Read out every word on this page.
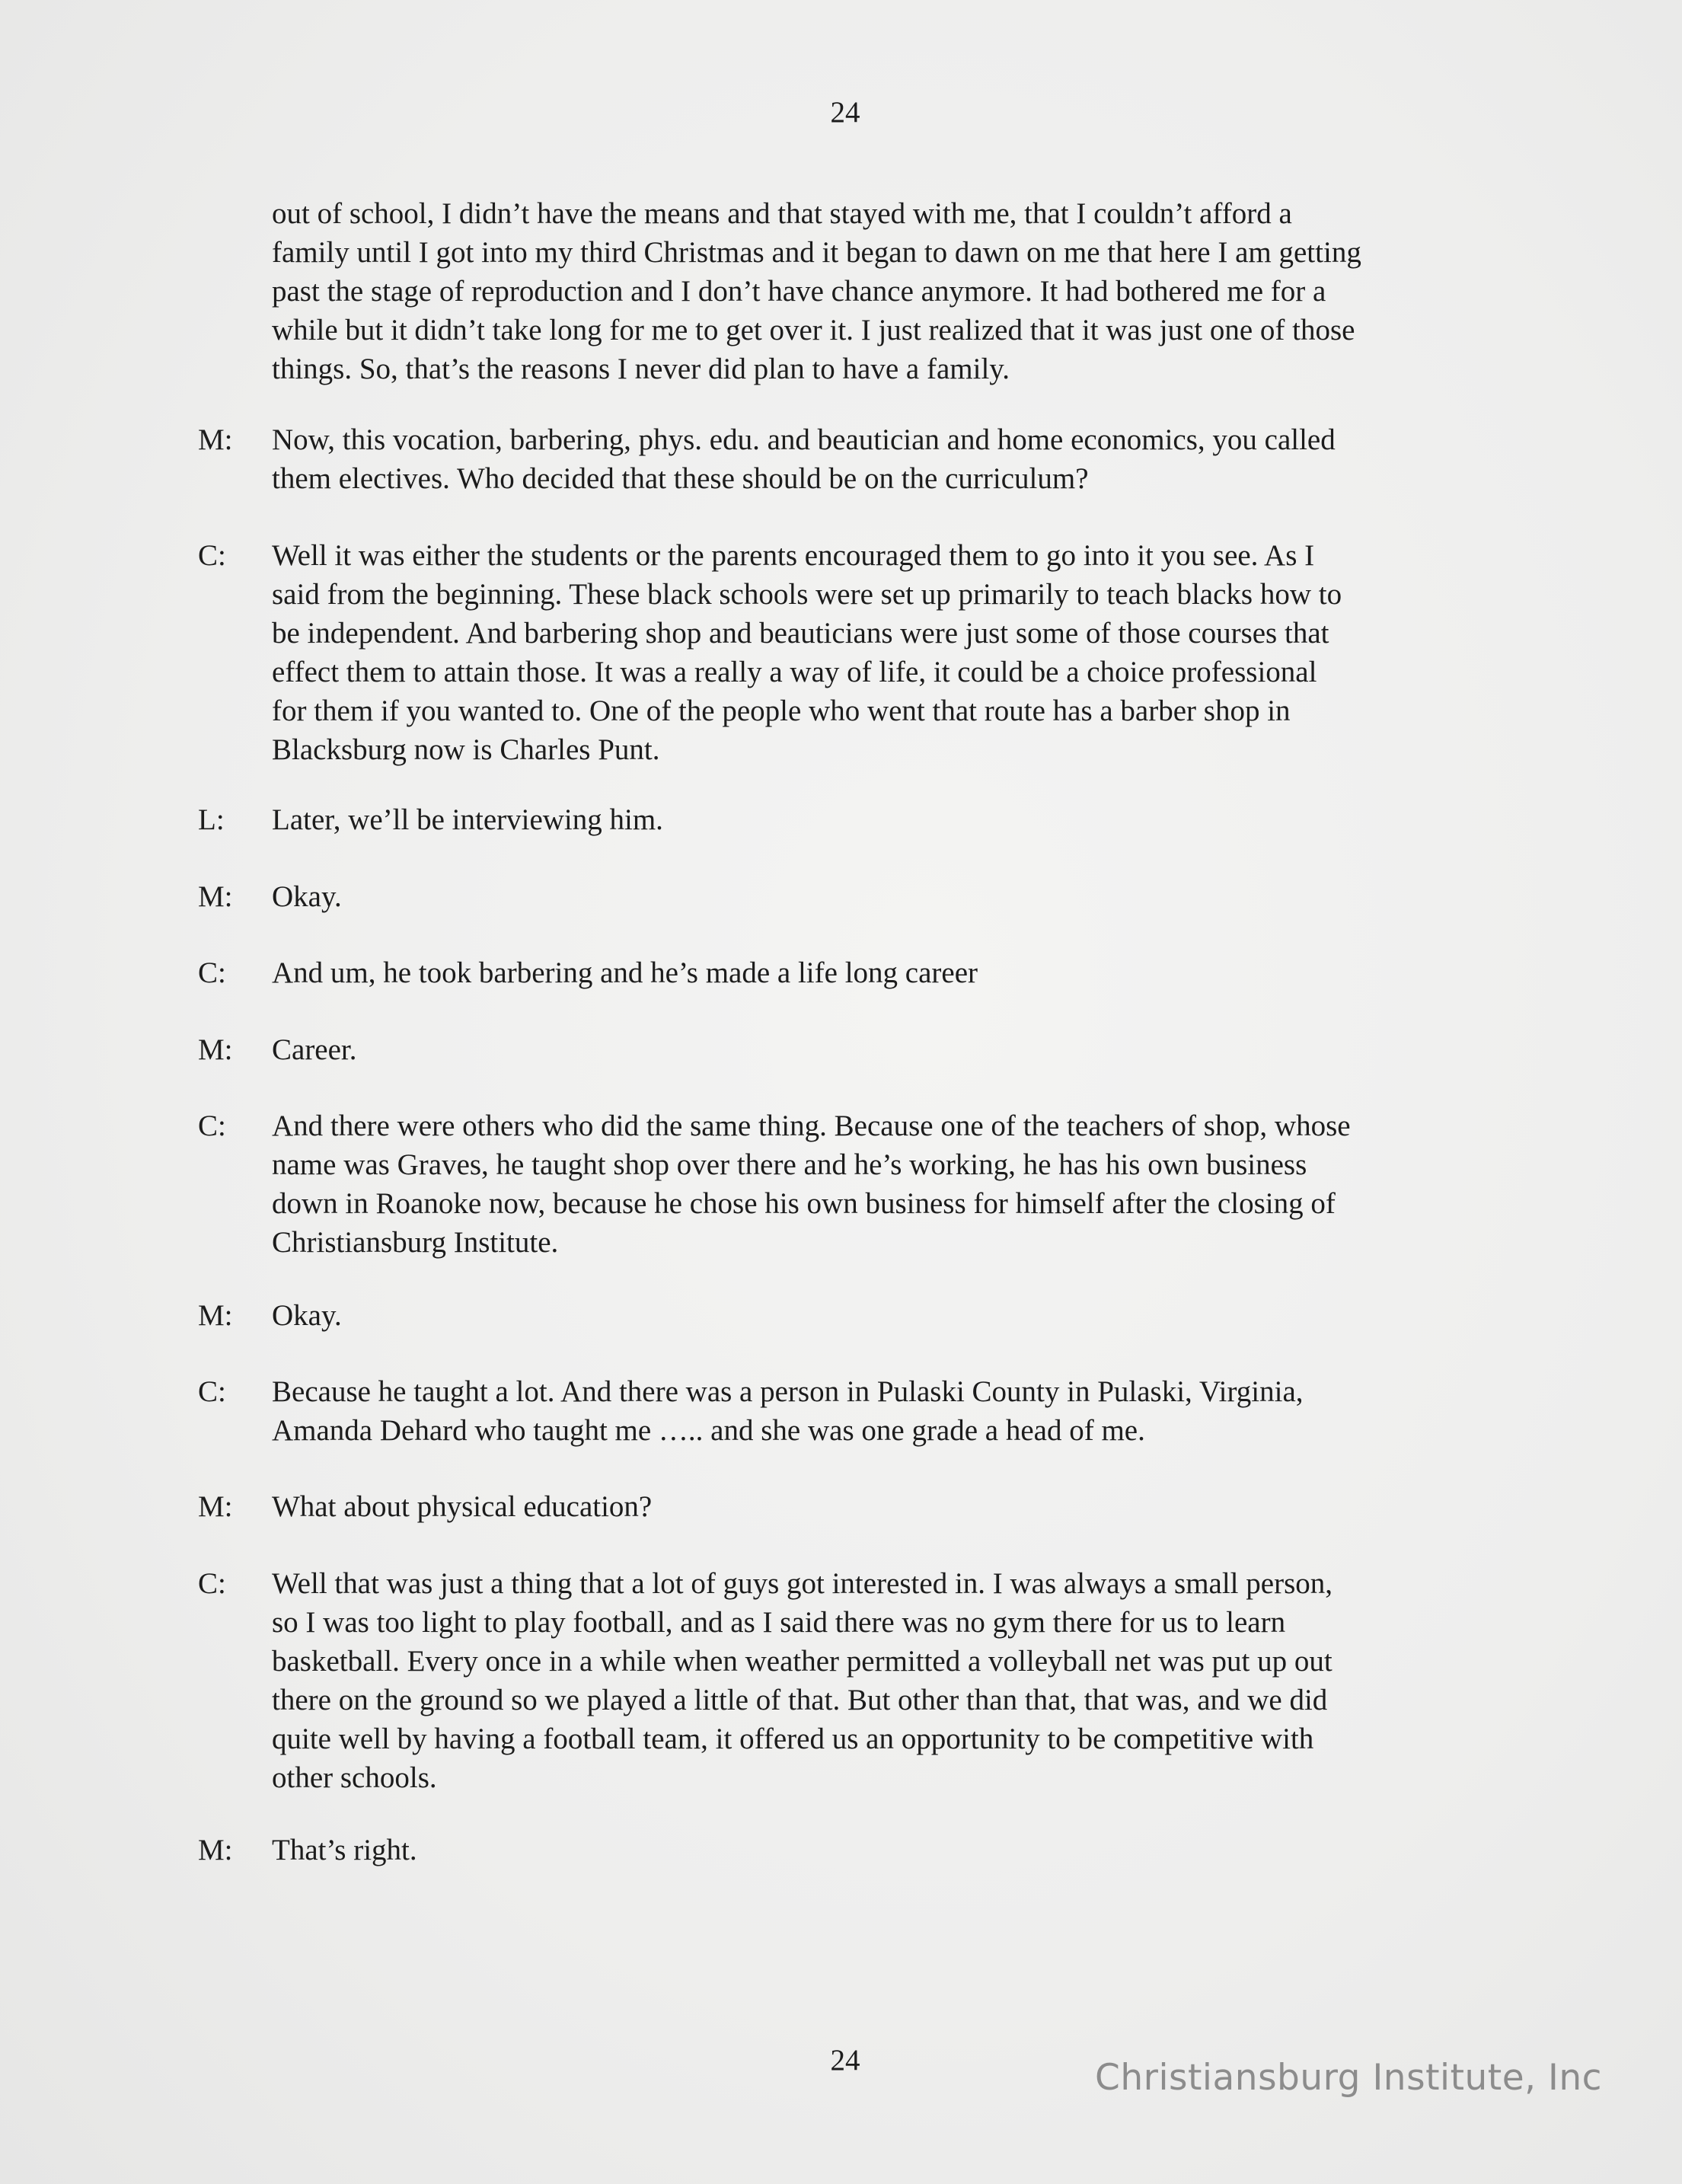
24
out of school, I didn’t have the means and that stayed with me, that I couldn’t afford a
family until I got into my third Christmas and it began to dawn on me that here I am getting
past the stage of reproduction and I don’t have chance anymore. It had bothered me for a
while but it didn’t take long for me to get over it. I just realized that it was just one of those
things. So, that’s the reasons I never did plan to have a family.
M:	Now, this vocation, barbering, phys. edu. and beautician and home economics, you called
them electives. Who decided that these should be on the curriculum?
C:	Well it was either the students or the parents encouraged them to go into it you see. As I
said from the beginning. These black schools were set up primarily to teach blacks how to
be independent. And barbering shop and beauticians were just some of those courses that
effect them to attain those. It was a really a way of life, it could be a choice professional
for them if you wanted to. One of the people who went that route has a barber shop in
Blacksburg now is Charles Punt.
L:	Later, we’ll be interviewing him.
M:	Okay.
C:	And um, he took barbering and he’s made a life long career
M:	Career.
C:	And there were others who did the same thing. Because one of the teachers of shop, whose
name was Graves, he taught shop over there and he’s working, he has his own business
down in Roanoke now, because he chose his own business for himself after the closing of
Christiansburg Institute.
M:	Okay.
C:	Because he taught a lot. And there was a person in Pulaski County in Pulaski, Virginia,
Amanda Dehard who taught me ….. and she was one grade a head of me.
M:	What about physical education?
C:	Well that was just a thing that a lot of guys got interested in. I was always a small person,
so I was too light to play football, and as I said there was no gym there for us to learn
basketball. Every once in a while when weather permitted a volleyball net was put up out
there on the ground so we played a little of that. But other than that, that was, and we did
quite well by having a football team, it offered us an opportunity to be competitive with
other schools.
M:	That’s right.
24	Christiansburg Institute, Inc
